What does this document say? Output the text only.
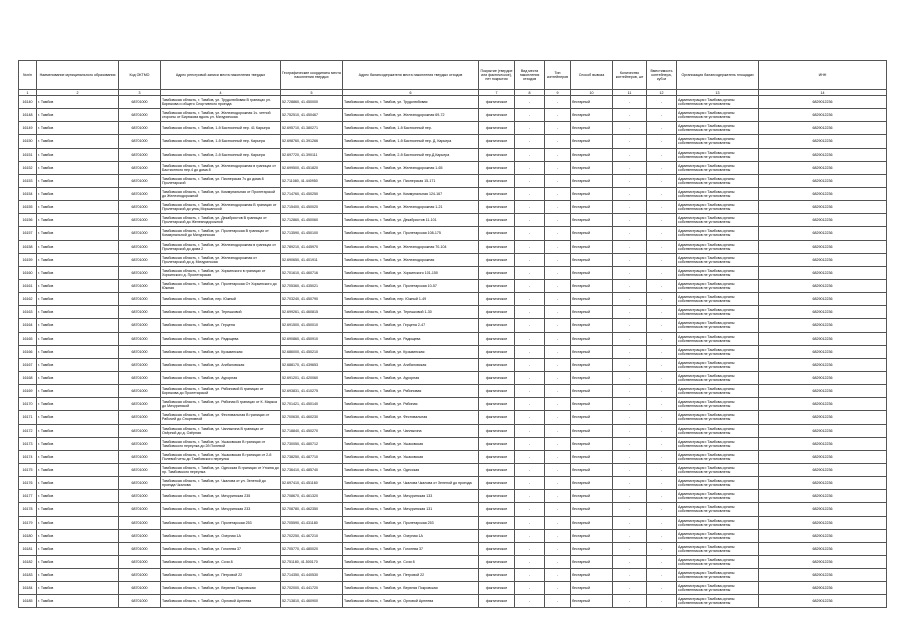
№п/п	Наименование муниципального образования	Код ОКТМО	Адрес реестровой записи места накопления твердых	Географические координаты места накопления твердых	Адрес балансодержателя места накопления твердых отходов	Покрытие (твердое или фактическое), нет покрытия	Вид места накопления отходов	Тип контейнеров	Способ вывоза	Количество контейнеров, шт	Вместимость контейнера, куб.м	Организация балансодержатель площадки	ИНН
1	2	3	4	5	6	7	8	9	10	11	12	13	14
16140	г. Тамбов	68701000	Тамбовская область, г. Тамбов, ул. Трудолюбивая В границах ул. Бирюкова и общего Спортивного проезда	52.728860, 41.450000	Тамбовская область, г. Тамбов, ул. Трудолюбивая	фактическое	-	-	бестарный	-	-	Администрация г.Тамбова,органы собственников не установлены	6829012236
16148	г. Тамбов	68701000	Тамбовская область, г. Тамбов, ул. Железнодорожная 1ч. четной стороны от Бирюкова вдоль ул. Мичуринская	52.752510, 41.450467	Тамбовская область, г. Тамбов, ул. Железнодорожная 69-72	фактическое	-	-	бестарный	-	-	Администрация г.Тамбова,органы собственников не установлены	6829012236
16149	г. Тамбов	68701000	Тамбовская область, г. Тамбов, 1-й Бастионный пер. 41 Карьера	52.695710, 41.380271	Тамбовская область, г. Тамбов, 1-й Бастионный пер.	фактическое	-	-	бестарный	-	-	Администрация г.Тамбова,органы собственников не установлены	6829012236
16150	г. Тамбов	68701000	Тамбовская область, г. Тамбов, 1-й Бастионный пер. Карьера	52.698760, 41.391266	Тамбовская область, г. Тамбов, 1-й Бастионный пер. Д. Карьера	фактическое	-	-	бестарный	-	-	Администрация г.Тамбова,органы собственников не установлены	6829012236
16151	г. Тамбов	68701000	Тамбовская область, г. Тамбов, 2-й Бастионный пер. Карьера	52.697720, 41.390111	Тамбовская область, г. Тамбов, 2-й Бастионный пер.Д.Карьера	фактическое	-	-	бестарный	-	-	Администрация г.Тамбова,органы собственников не установлены	6829012236
16152	г. Тамбов	68701000	Тамбовская область, г. Тамбов, ул. Железнодорожная в границах от Бастионного пер.4 до дома 8	52.699500, 41.451820	Тамбовская область, г. Тамбов, ул. Железнодорожная 1-65	фактическое	-	-	бестарный	-	-	Администрация г.Тамбова,органы собственников не установлены	6829012236
16153	г. Тамбов	68701000	Тамбовская область, г. Тамбов, ул. Пионерская 7ч до дома 8 Пролетарской	52.711080, 41.440950	Тамбовская область, г. Тамбов, ул. Пионерская 15-171	фактическое	-	-	бестарный	-	-	Администрация г.Тамбова,органы собственников не установлены	6829012236
16154	г. Тамбов	68701000	Тамбовская область, г. Тамбов, ул. Коммунальная от Пролетарской до Железнодорожной	52.714760, 41.450250	Тамбовская область, г. Тамбов, ул. Коммунальная 124-167	фактическое	-	-	бестарный	-	-	Администрация г.Тамбова,органы собственников не установлены	6829012236
16155	г. Тамбов	68701000	Тамбовская область, г. Тамбов, ул. Железнодорожная В границах от Пролетарской до улиц Моршанской	52.715400, 41.450020	Тамбовская область, г. Тамбов, ул. Железнодорожная 1-21	фактическое	-	-	бестарный	-	-	Администрация г.Тамбова,органы собственников не установлены	6829012236
16156	г. Тамбов	68701000	Тамбовская область, г. Тамбов, ул. Декабристов В границах от Пролетарской до Железнодорожной	52.712860, 41.450060	Тамбовская область, г. Тамбов, ул. Декабристов 11-101	фактическое	-	-	бестарный	-	-	Администрация г.Тамбова,органы собственников не установлены	6829012236
16157	г. Тамбов	68701000	Тамбовская область, г. Тамбов, ул. Пролетарская В границах от Коммунальной до Мичуринская	52.713590, 41.450100	Тамбовская область, г. Тамбов, ул. Пролетарская 108-175	фактическое	-	-	бестарный	-	-	Администрация г.Тамбова,органы собственников не установлены	6829012236
16158	г. Тамбов	68701000	Тамбовская область, г. Тамбов, ул. Железнодорожная в границах от Пролетарской до дома 2	52.789210, 41.445970	Тамбовская область, г. Тамбов, ул. Железнодорожная 70-104	фактическое	-	-	бестарный	-	-	Администрация г.Тамбова,органы собственников не установлены	6829012236
16159	г. Тамбов	68701000	Тамбовская область, г. Тамбов, ул. Железнодорожная от Пролетарской до д. Мичуринская	52.690650, 41.401911	Тамбовская область, г. Тамбов, ул. Железнодорожная	фактическое	-	-	бестарный	-	-	Администрация г.Тамбова,органы собственников не установлены	6829012236
16160	г. Тамбов	68701000	Тамбовская область, г. Тамбов, ул. Хоркинского в границах от Хоркинского д. Пролетарская	52.701610, 41.460716	Тамбовская область, г. Тамбов, ул. Хоркинского 101-150	фактическое	-	-	бестарный	-	-	Администрация г.Тамбова,органы собственников не установлены	6829012236
16161	г. Тамбов	68701000	Тамбовская область, г. Тамбов, ул. Пролетарская От Хоркинского до Южная	52.705360, 41.435021	Тамбовская область, г. Тамбов, ул. Пролетарская 10-57	фактическое	-	-	бестарный	-	-	Администрация г.Тамбова,органы собственников не установлены	6829012236
16162	г. Тамбов	68701000	Тамбовская область, г. Тамбов, пер. Южный	52.703240, 41.450790	Тамбовская область, г. Тамбов, пер. Южный 1-49	фактическое	-	-	бестарный	-	-	Администрация г.Тамбова,органы собственников не установлены	6829012236
16163	г. Тамбов	68701000	Тамбовская область, г. Тамбов, ул. Терешковой	52.699261, 41.460815	Тамбовская область, г. Тамбов, ул. Терешковой 1-30	фактическое	-	-	бестарный	-	-	Администрация г.Тамбова,органы собственников не установлены	6829012236
16164	г. Тамбов	68701000	Тамбовская область, г. Тамбов, ул. Герцена	52.691500, 41.450010	Тамбовская область, г. Тамбов, ул. Герцена 2-47	фактическое	-	-	бестарный	-	-	Администрация г.Тамбова,органы собственников не установлены	6829012236
16165	г. Тамбов	68701000	Тамбовская область, г. Тамбов, ул. Радищева	52.690860, 41.450910	Тамбовская область, г. Тамбов, ул. Радищева	фактическое	-	-	бестарный	-	-	Администрация г.Тамбова,органы собственников не установлены	6829012236
16166	г. Тамбов	68701000	Тамбовская область, г. Тамбов, ул. Кузьминская	52.686000, 41.450210	Тамбовская область, г. Тамбов, ул. Кузьминская	фактическое	-	-	бестарный	-	-	Администрация г.Тамбова,органы собственников не установлены	6829012236
16167	г. Тамбов	68701000	Тамбовская область, г. Тамбов, ул. Агибаловская	52.688170, 41.439653	Тамбовская область, г. Тамбов, ул. Агибаловская	фактическое	-	-	бестарный	-	-	Администрация г.Тамбова,органы собственников не установлены	6829012236
16168	г. Тамбов	68701000	Тамбовская область, г. Тамбов, ул. Аурорная	52.691201, 41.420060	Тамбовская область, г. Тамбов, ул. Аурорная	фактическое	-	-	бестарный	-	-	Администрация г.Тамбова,органы собственников не установлены	6829012236
16169	г. Тамбов	68701000	Тамбовская область, г. Тамбов, ул. Рябиновой В границах от Бирюкова до Пролетарской	52.693831, 41.410275	Тамбовская область, г. Тамбов, ул. Рябиновая	фактическое	-	-	бестарный	-	-	Администрация г.Тамбова,органы собственников не установлены	6829012236
16170	г. Тамбов	68701000	Тамбовская область, г. Тамбов, ул. Рябиная В границах от К. Маркса до Мичуринской	52.701421, 41.450140	Тамбовская область, г. Тамбов, ул. Рябиная	фактическое	-	-	бестарный	-	-	Администрация г.Тамбова,органы собственников не установлены	6829012236
16171	г. Тамбов	68701000	Тамбовская область, г. Тамбов, ул. Фестивальная В границах от Рабочей до Спортивной	52.700630, 41.460230	Тамбовская область, г. Тамбов, ул. Фестивальная	фактическое	-	-	бестарный	-	-	Администрация г.Тамбова,органы собственников не установлены	6829012236
16172	г. Тамбов	68701000	Тамбовская область, г. Тамбов, ул. Чаплыгина В границах от Озёрной до д. Озёрная	52.718840, 41.450270	Тамбовская область, г. Тамбов, ул. Чаплыгина	фактическое	-	-	бестарный	-	-	Администрация г.Тамбова,органы собственников не установлены	6829012236
16173	г. Тамбов	68701000	Тамбовская область, г. Тамбов, ул. Ушаковская В границах от Тамбовского переулка до 2й Полевой	52.730050, 41.480712	Тамбовская область, г. Тамбов, ул. Ушаковская	фактическое	-	-	бестарный	-	-	Администрация г.Тамбова,органы собственников не установлены	6829012236
16174	г. Тамбов	68701000	Тамбовская область, г. Тамбов, ул. Ушаковская В границах от 2-й Полевой четы до Тамбовского переулка	52.738250, 41.487710	Тамбовская область, г. Тамбов, ул. Ушаковская	фактическое	-	-	бестарный	-	-	Администрация г.Тамбова,органы собственников не установлены	6829012236
16175	г. Тамбов	68701000	Тамбовская область, г. Тамбов, ул. Одесская В границах от Уткина до пр. Тамбовского переулка	52.736410, 41.485740	Тамбовская область, г. Тамбов, ул. Одесская	фактическое	-	-	бестарный	-	-	Администрация г.Тамбова,органы собственников не установлены	6829012236
16176	г. Тамбов	68701000	Тамбовская область, г. Тамбов, ул. Чкалова от ул. Зеленой до проезда Чкалова	52.697410, 41.451160	Тамбовская область, г. Тамбов, ул. Чкалова Чкалова от Зеленой до проезда	фактическое	-	-	бестарный	-	-	Администрация г.Тамбова,органы собственников не установлены	6829012236
16177	г. Тамбов	68701000	Тамбовская область, г. Тамбов, ул. Мичуринская 235	52.708670, 41.461320	Тамбовская область, г. Тамбов, ул. Мичуринская 133	фактическое	-	-	бестарный	-	-	Администрация г.Тамбова,органы собственников не установлены	6829012236
16178	г. Тамбов	68701000	Тамбовская область, г. Тамбов, ул. Мичуринская 233	52.708780, 41.462350	Тамбовская область, г. Тамбов, ул. Мичуринская 131	фактическое	-	-	бестарный	-	-	Администрация г.Тамбова,органы собственников не установлены	6829012236
16179	г. Тамбов	68701000	Тамбовская область, г. Тамбов, ул. Пролетарская 253	52.705590, 41.431180	Тамбовская область, г. Тамбов, ул. Пролетарская 253	фактическое	-	-	бестарный	-	-	Администрация г.Тамбова,органы собственников не установлены	6829012236
16180	г. Тамбов	68701000	Тамбовская область, г. Тамбов, ул. Озерная 1А	52.702250, 41.467210	Тамбовская область, г. Тамбов, ул. Озерная 1А	фактическое	-	-	бестарный	-	-	Администрация г.Тамбова,органы собственников не установлены	6829012236
16181	г. Тамбов	68701000	Тамбовская область, г. Тамбов, ул. Гоголева 37	52.705770, 41.480020	Тамбовская область, г. Тамбов, ул. Гоголева 37	фактическое	-	-	бестарный	-	-	Администрация г.Тамбова,органы собственников не установлены	6829012236
16182	г. Тамбов	68701000	Тамбовская область, г. Тамбов, ул. Сочи 8	52.751180, 41.500170	Тамбовская область, г. Тамбов, ул. Сочи 8	фактическое	-	-	бестарный	-	-	Администрация г.Тамбова,органы собственников не установлены	6829012236
16183	г. Тамбов	68701000	Тамбовская область, г. Тамбов, ул. Петровой 22	52.714350, 41.440530	Тамбовская область, г. Тамбов, ул. Петровой 22	фактическое	-	-	бестарный	-	-	Администрация г.Тамбова,органы собственников не установлены	6829012236
16184	г. Тамбов	68701000	Тамбовская область, г. Тамбов, ул. Верхняя Покровская	52.702000, 41.441720	Тамбовская область, г. Тамбов, ул. Верхняя Покровская	фактическое	-	-	бестарный	-	-	Администрация г.Тамбова,органы собственников не установлены	6829012236
16185	г. Тамбов	68701000	Тамбовская область, г. Тамбов, ул. Орловой Арпеева	52.713810, 41.460900	Тамбовская область, г. Тамбов, ул. Орловой Арпеева	фактическое	-	-	бестарный	-	-	Администрация г.Тамбова,органы собственников не установлены	6829012236
